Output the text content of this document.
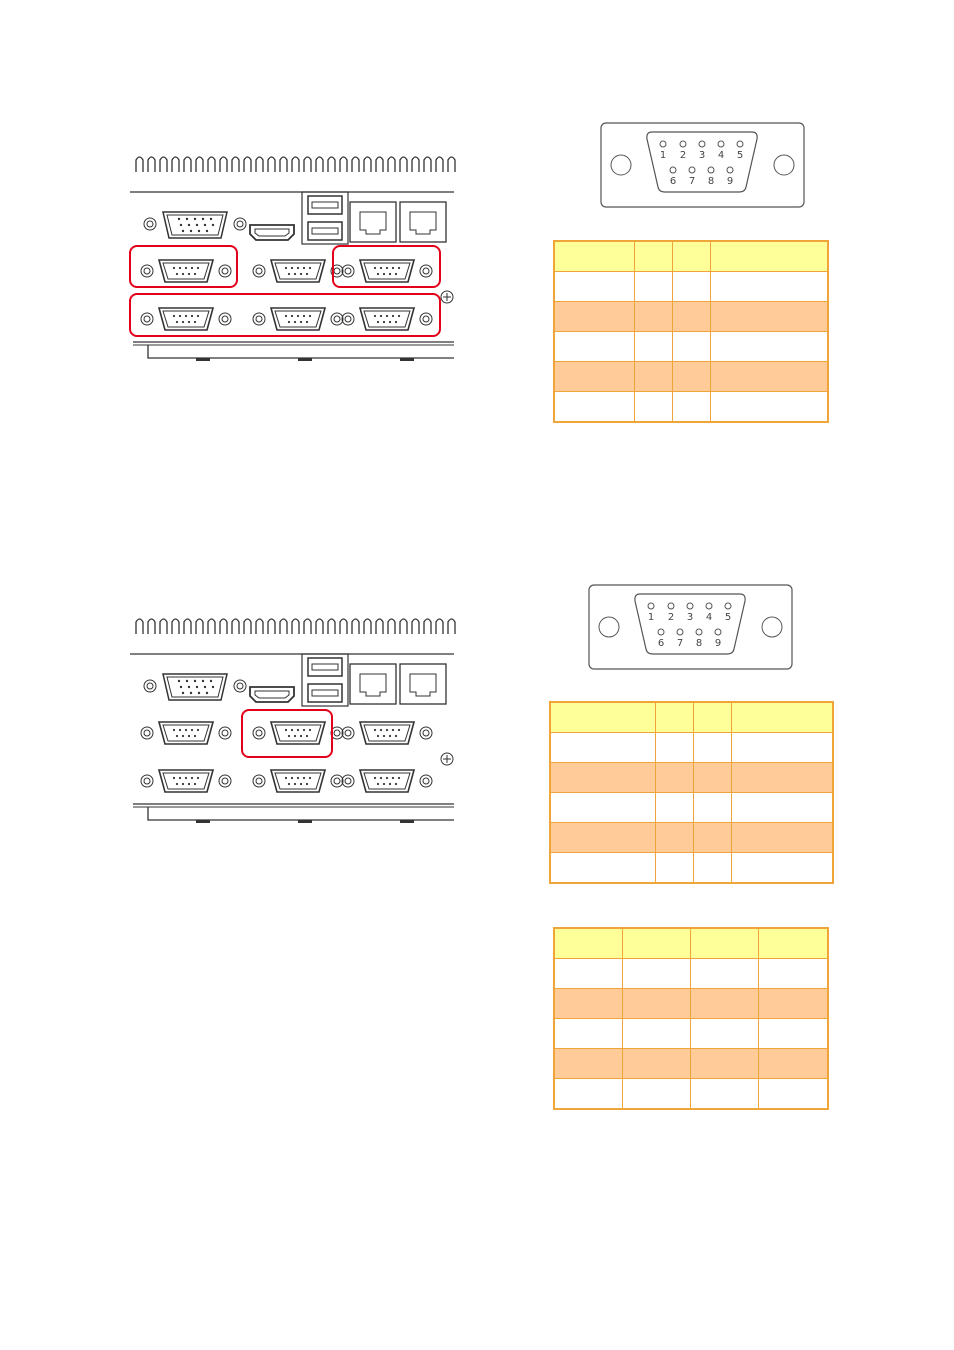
1 2 3 4 5
6 7 8 9
1 2 3 4 5
6 7 8 9
